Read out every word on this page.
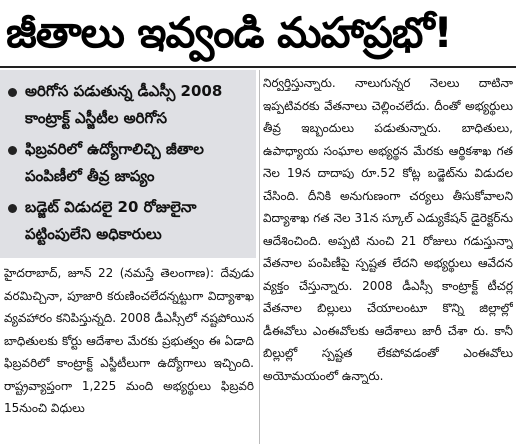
జీతాలు ఇవ్వండి మహాప్రభో!
అరిగోస పడుతున్న డీఎస్సీ 2008 కాంట్రాక్ట్ ఎస్జీటీల అరిగోస
ఫిబ్రవరిలో ఉద్యోగాలిచ్చి జీతాల పంపిణీలో తీవ్ర జాప్యం
బడ్జెట్ విడుదలై 20 రోజులైనా పట్టింపులేని అధికారులు
హైదరాబాద్, జూన్ 22 (నమస్తే తెలంగాణ): దేవుడు వరమిచ్చినా, పూజారి కరుణించలేదన్నట్టుగా విద్యాశాఖ వ్యవహారం కనిపిస్తున్నది. 2008 డీఎస్సీలో నష్టపోయిన బాధితులకు కోర్టు ఆదేశాల మేరకు ప్రభుత్వం ఈ ఏడాది ఫిబ్రవరిలో కాంట్రాక్ట్ ఎస్జీటీలుగా ఉద్యోగాలు ఇచ్చింది. రాష్ట్రవ్యాప్తంగా 1,225 మంది అభ్యర్థులు ఫిబ్రవరి 15నుంచి విధులు
నిర్వర్తిస్తున్నారు. నాలుగున్నర నెలలు దాటినా ఇప్పటివరకు వేతనాలు చెల్లించలేదు. దీంతో అభ్యర్థులు తీవ్ర ఇబ్బందులు పడుతున్నారు. బాధితులు, ఉపాధ్యాయ సంఘాల అభ్యర్థన మేరకు ఆర్థికశాఖ గత నెల 19న దాదాపు రూ.52 కోట్ల బడ్జెట్‌ను విడుదల చేసింది. దీనికి అనుగుణంగా చర్యలు తీసుకోవాలని విద్యాశాఖ గత నెల 31న స్కూల్ ఎడ్యుకేషన్ డైరెక్టర్‌ను ఆదేశించింది. అప్పటి నుంచి 21 రోజులు గడుస్తున్నా వేతనాల పంపిణీపై స్పష్టత లేదని అభ్యర్థులు ఆవేదన వ్యక్తం చేస్తున్నారు. 2008 డీఎస్సీ కాంట్రాక్ట్ టీచర్ల వేతనాల బిల్లులు చేయాలంటూ కొన్ని జిల్లాల్లో డీఈవోలు ఎంఈవోలకు ఆదేశాలు జారీ చేశా రు. కానీ బిల్లుల్లో స్పష్టత లేకపోవడంతో ఎంఈవోలు అయోమయంలో ఉన్నారు.
